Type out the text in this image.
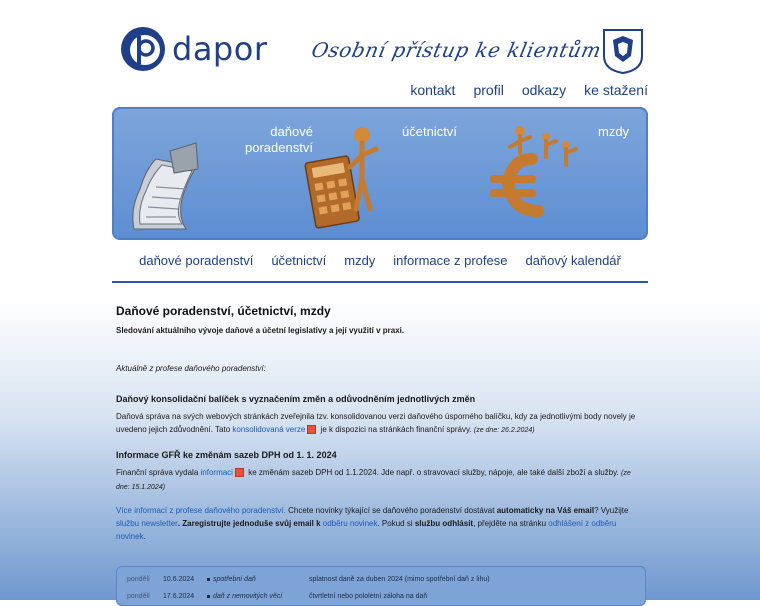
dapor Osobní přístup ke klientům
kontakt profil odkazy ke stažení
daňové
poradenství
účetnictví	mzdy
daňové poradenství účetnictví mzdy informace z profese daňový kalendář
Daňové poradenství, účetnictví, mzdy
Sledování aktuálního vývoje daňové a účetní legislativy a její využití v praxi.
Aktuálně z profese daňového poradenství:
Daňový konsolidační balíček s vyznačením změn a odůvodněním jednotlivých změn
Daňová správa na svých webových stránkách zveřejnila tzv. konsolidovanou verzi daňového úsporného balíčku, kdy za jednotlivými body novely je uvedeno jejich zdůvodnění. Tato konsolidovaná verze je k dispozici na stránkách finanční správy. (ze dne: 26.2.2024)
Informace GFŘ ke změnám sazeb DPH od 1. 1. 2024
Finanční správa vydala informaci ke změnám sazeb DPH od 1.1.2024. Jde např. o stravovací služby, nápoje, ale také další zboží a služby. (ze dne: 15.1.2024)
Více informací z profese daňového poradenství. Chcete novinky týkající se daňového poradenství dostávat automaticky na Váš email? Využijte službu newsletter. Zaregistrujte jednoduše svůj email k odběru novinek. Pokud si službu odhlásit, přejděte na stránku odhlášení z odběru novinek.
pondělí	10.6.2024	spotřební daň	splatnost daně za duben 2024 (mimo spotřební daň z lihu)
pondělí	17.6.2024	daň z nemovitých věcí	čtvrtletní nebo pololetní záloha na daň
